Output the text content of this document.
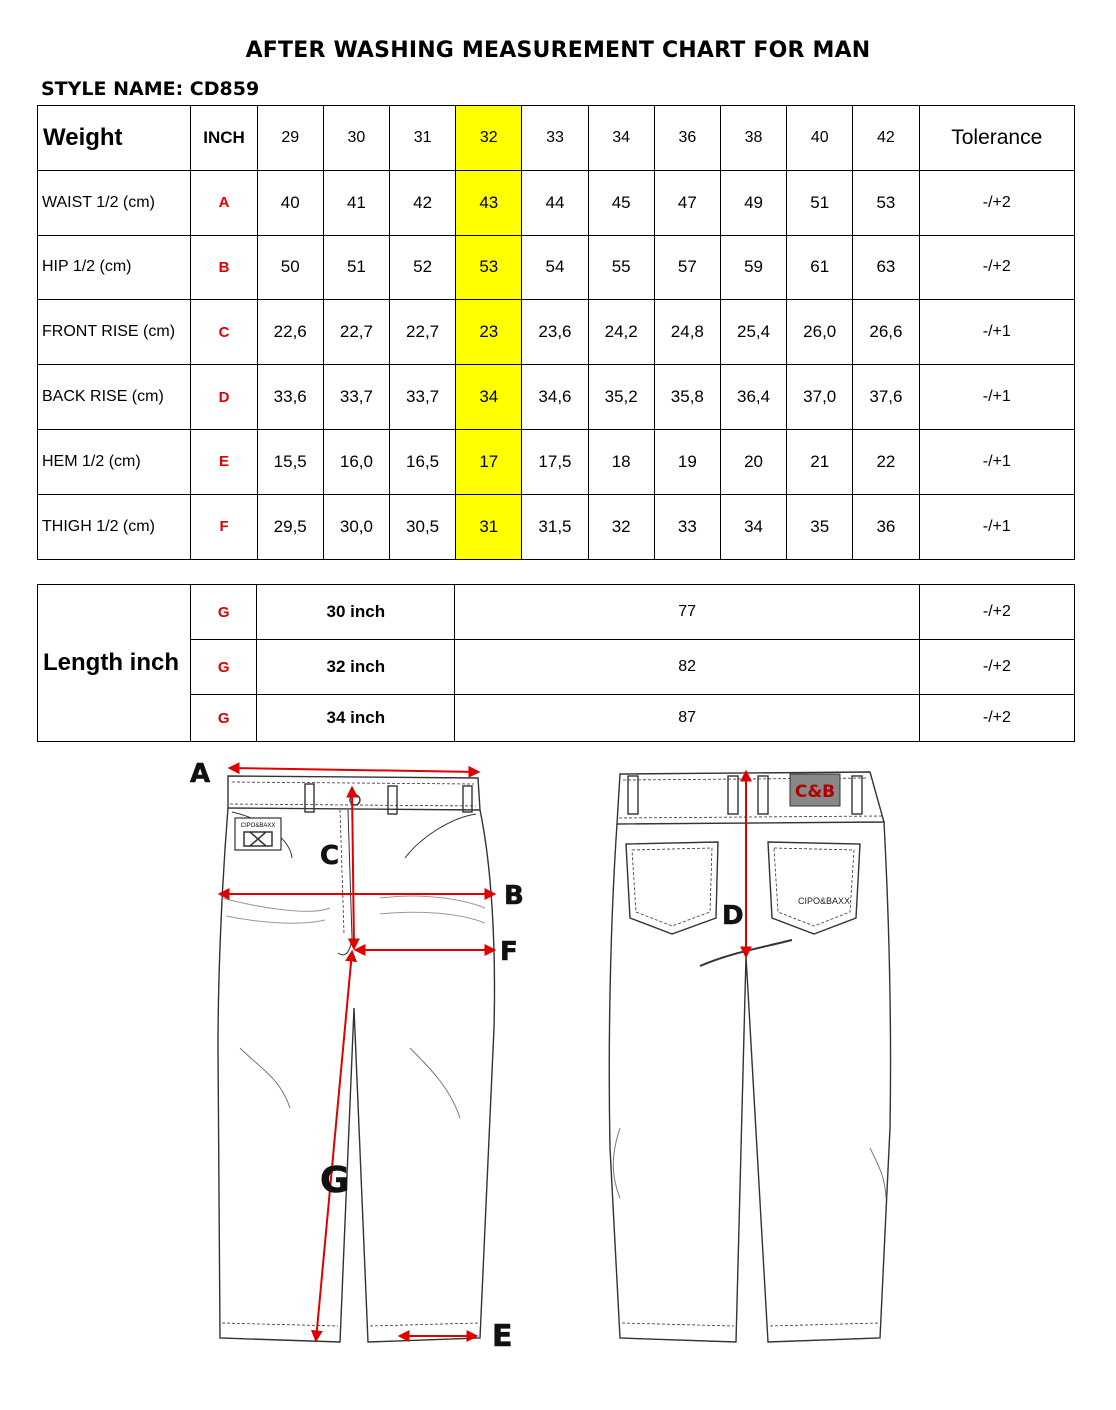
AFTER WASHING MEASUREMENT CHART FOR MAN
STYLE NAME: CD859
Weight	INCH	29	30	31	32	33	34	36	38	40	42	Tolerance
WAIST 1/2 (cm)	A	40	41	42	43	44	45	47	49	51	53	-/+2
HIP 1/2 (cm)	B	50	51	52	53	54	55	57	59	61	63	-/+2
FRONT RISE (cm)	C	22,6	22,7	22,7	23	23,6	24,2	24,8	25,4	26,0	26,6	-/+1
BACK RISE (cm)	D	33,6	33,7	33,7	34	34,6	35,2	35,8	36,4	37,0	37,6	-/+1
HEM 1/2 (cm)	E	15,5	16,0	16,5	17	17,5	18	19	20	21	22	-/+1
THIGH 1/2 (cm)	F	29,5	30,0	30,5	31	31,5	32	33	34	35	36	-/+1
Length inch	G	30 inch	77	-/+2
	G	32 inch	82	-/+2
	G	34 inch	87	-/+2
CIPO&BAXX
C&B
CIPO&BAXX
A
B
C
D
E
F
G
